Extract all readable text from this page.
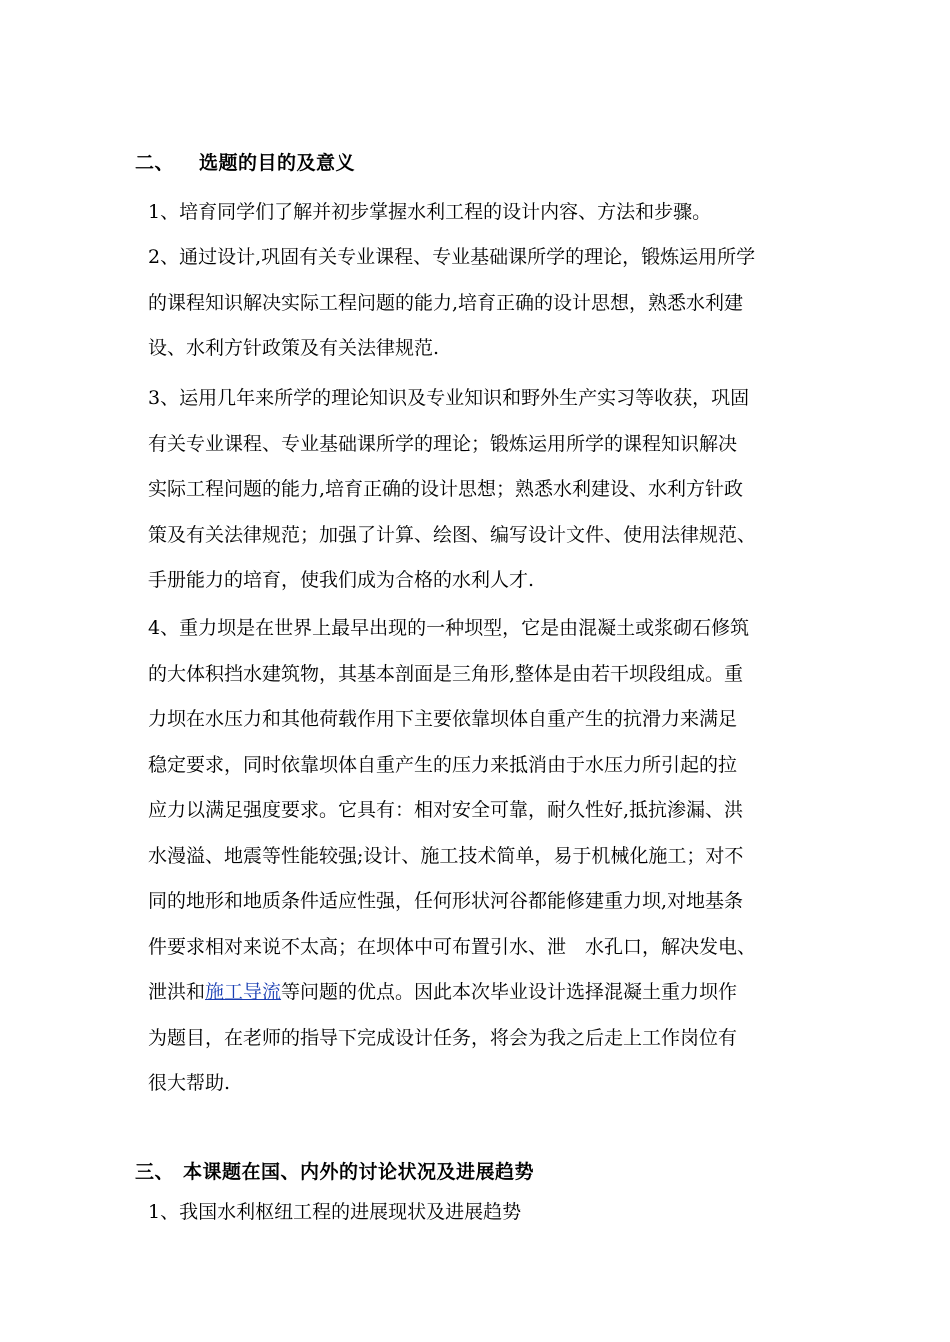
二、 选题的目的及意义
1、培育同学们了解并初步掌握水利工程的设计内容、方法和步骤。
2、通过设计,巩固有关专业课程、专业基础课所学的理论，锻炼运用所学
的课程知识解决实际工程问题的能力,培育正确的设计思想，熟悉水利建
设、水利方针政策及有关法律规范.
3、运用几年来所学的理论知识及专业知识和野外生产实习等收获，巩固
有关专业课程、专业基础课所学的理论；锻炼运用所学的课程知识解决
实际工程问题的能力,培育正确的设计思想；熟悉水利建设、水利方针政
策及有关法律规范；加强了计算、绘图、编写设计文件、使用法律规范、
手册能力的培育，使我们成为合格的水利人才.
4、重力坝是在世界上最早出现的一种坝型，它是由混凝土或浆砌石修筑
的大体积挡水建筑物，其基本剖面是三角形,整体是由若干坝段组成。重
力坝在水压力和其他荷载作用下主要依靠坝体自重产生的抗滑力来满足
稳定要求，同时依靠坝体自重产生的压力来抵消由于水压力所引起的拉
应力以满足强度要求。它具有：相对安全可靠，耐久性好,抵抗渗漏、洪
水漫溢、地震等性能较强;设计、施工技术简单，易于机械化施工；对不
同的地形和地质条件适应性强，任何形状河谷都能修建重力坝,对地基条
件要求相对来说不太高；在坝体中可布置引水、泄　水孔口，解决发电、
泄洪和施工导流等问题的优点。因此本次毕业设计选择混凝土重力坝作
为题目，在老师的指导下完成设计任务，将会为我之后走上工作岗位有
很大帮助.
三、 本课题在国、内外的讨论状况及进展趋势
1、我国水利枢纽工程的进展现状及进展趋势
